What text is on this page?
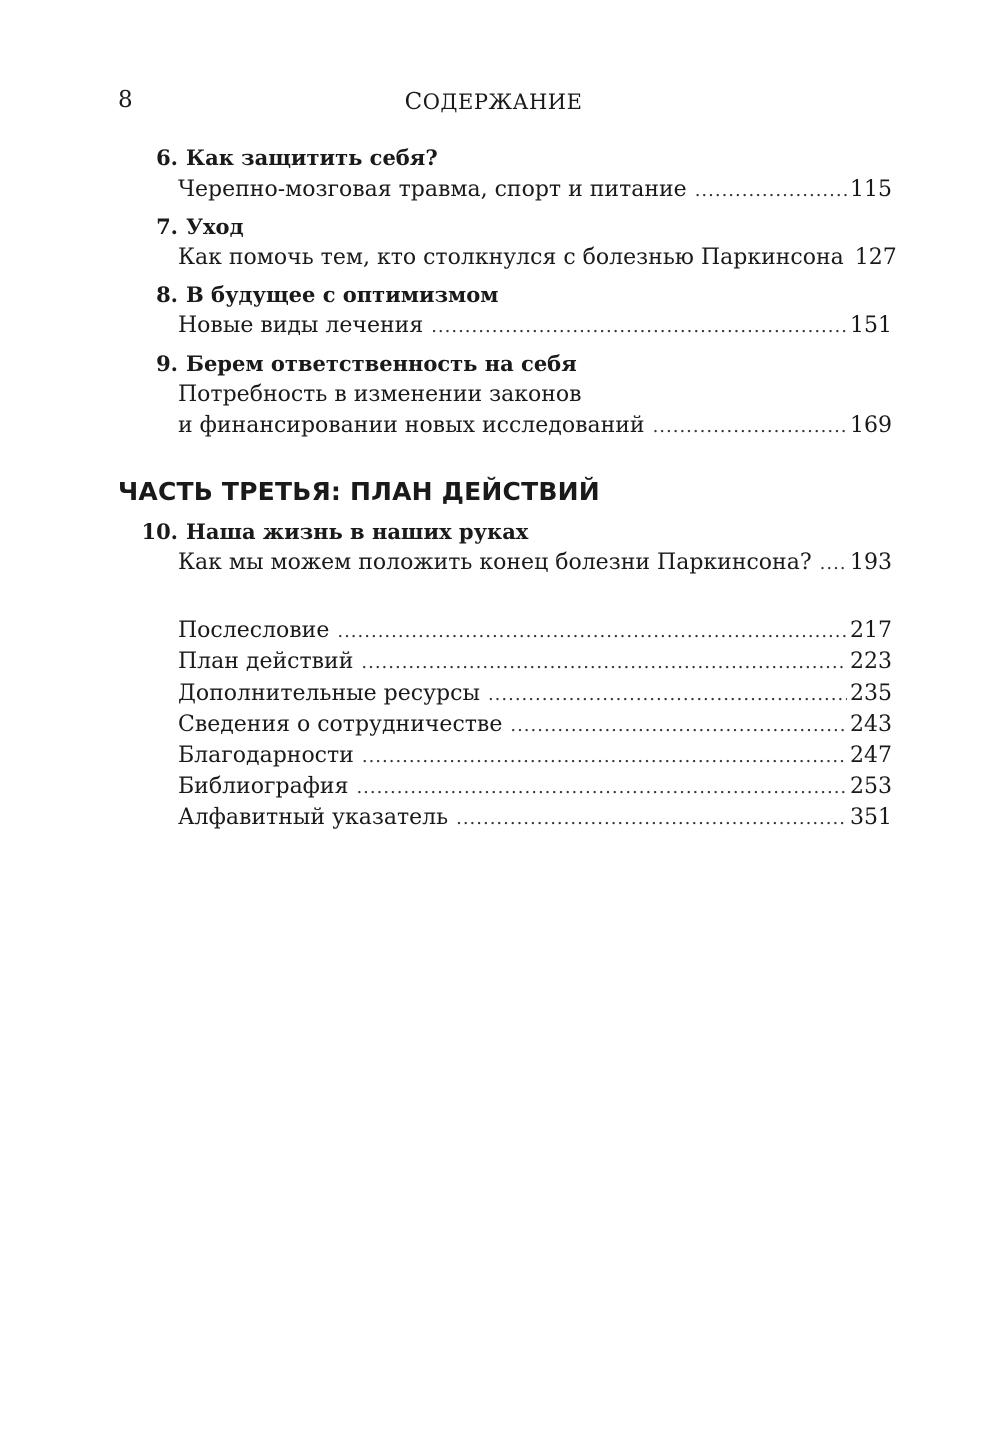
8	СОДЕРЖАНИЕ
6. Как защитить себя?
Черепно-мозговая травма, спорт и питание .....	115
7. Уход
Как помочь тем, кто столкнулся с болезнью Паркинсона 127
8. В будущее с оптимизмом
Новые виды лечения .....	151
9. Берем ответственность на себя
Потребность в изменении законов
и финансировании новых исследований .....	169
ЧАСТЬ ТРЕТЬЯ: ПЛАН ДЕЙСТВИЙ
10. Наша жизнь в наших руках
Как мы можем положить конец болезни Паркинсона? ..... 193
Послесловие .....	217
План действий .....	223
Дополнительные ресурсы .....	235
Сведения о сотрудничестве .....	243
Благодарности .....	247
Библиография .....	253
Алфавитный указатель .....	351
